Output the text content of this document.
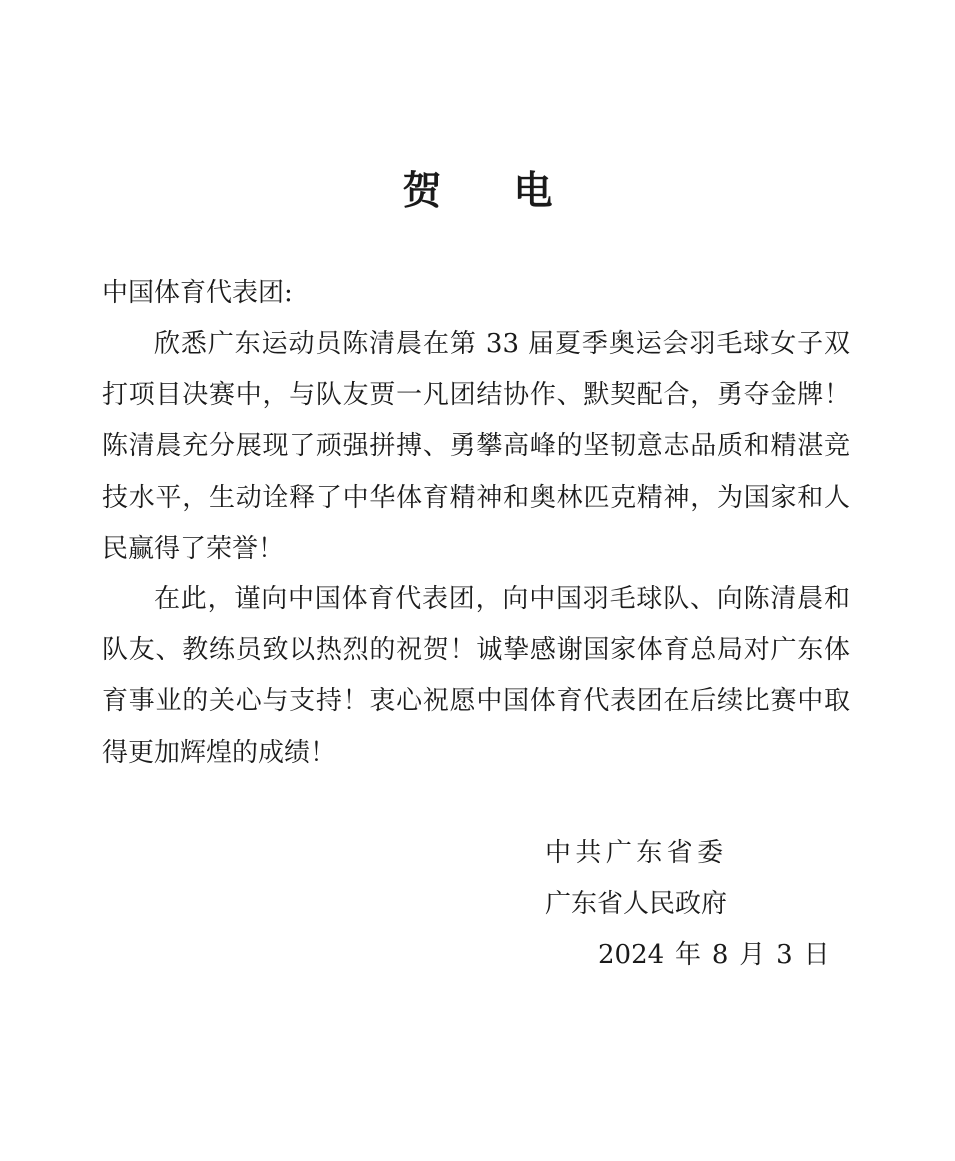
贺 电
中国体育代表团:
欣悉广东运动员陈清晨在第 33 届夏季奥运会羽毛球女子双打项目决赛中，与队友贾一凡团结协作、默契配合，勇夺金牌！陈清晨充分展现了顽强拼搏、勇攀高峰的坚韧意志品质和精湛竞技水平，生动诠释了中华体育精神和奥林匹克精神，为国家和人民赢得了荣誉！
在此，谨向中国体育代表团，向中国羽毛球队、向陈清晨和队友、教练员致以热烈的祝贺！诚挚感谢国家体育总局对广东体育事业的关心与支持！衷心祝愿中国体育代表团在后续比赛中取得更加辉煌的成绩！
中共广东省委
广东省人民政府
2024 年 8 月 3 日
